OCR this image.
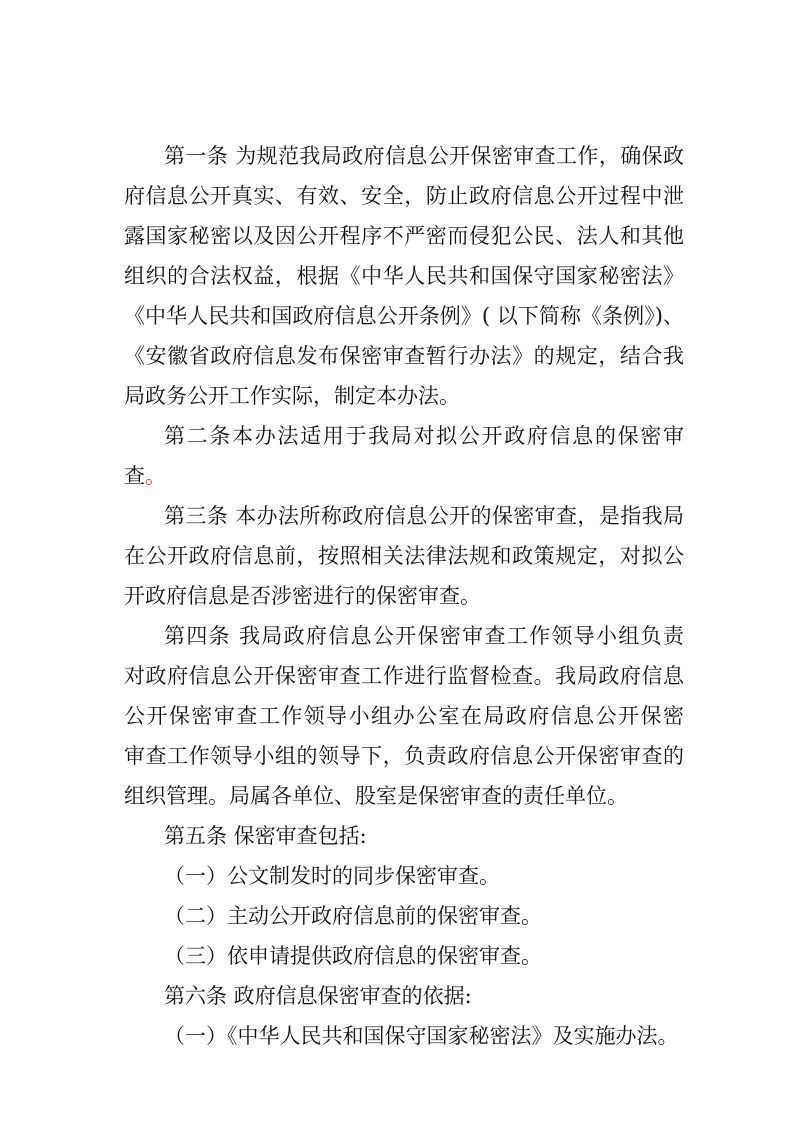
第一条 为规范我局政府信息公开保密审查工作，确保政
府信息公开真实、有效、安全，防止政府信息公开过程中泄
露国家秘密以及因公开程序不严密而侵犯公民、法人和其他
组织的合法权益，根据《中华人民共和国保守国家秘密法》
《中华人民共和国政府信息公开条例》( 以下简称《条例》)、
《安徽省政府信息发布保密审查暂行办法》的规定，结合我
局政务公开工作实际，制定本办法。
第二条本办法适用于我局对拟公开政府信息的保密审
查。
第三条 本办法所称政府信息公开的保密审查，是指我局
在公开政府信息前，按照相关法律法规和政策规定，对拟公
开政府信息是否涉密进行的保密审查。
第四条 我局政府信息公开保密审查工作领导小组负责
对政府信息公开保密审查工作进行监督检查。我局政府信息
公开保密审查工作领导小组办公室在局政府信息公开保密
审查工作领导小组的领导下，负责政府信息公开保密审查的
组织管理。局属各单位、股室是保密审查的责任单位。
第五条 保密审查包括:
（一）公文制发时的同步保密审查。
（二）主动公开政府信息前的保密审查。
（三）依申请提供政府信息的保密审查。
第六条 政府信息保密审查的依据:
（一）《中华人民共和国保守国家秘密法》及实施办法。
